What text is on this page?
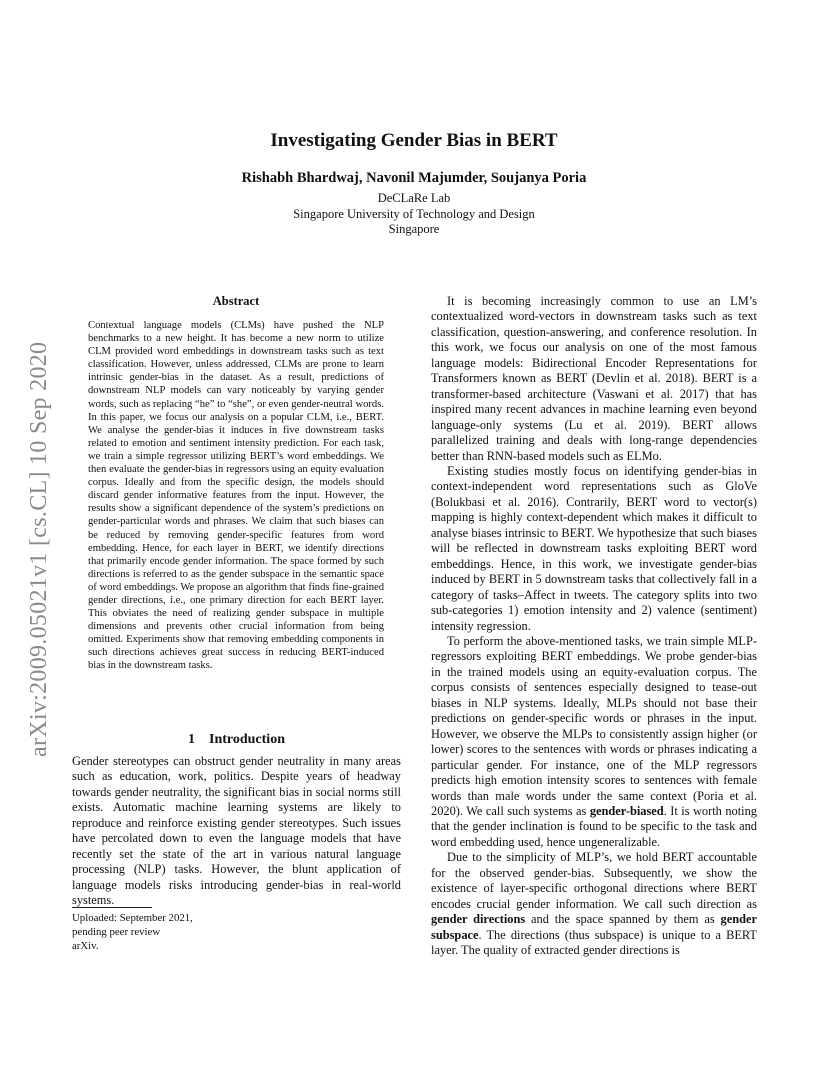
Investigating Gender Bias in BERT
Rishabh Bhardwaj, Navonil Majumder, Soujanya Poria
DeCLaRe Lab
Singapore University of Technology and Design
Singapore
arXiv:2009.05021v1 [cs.CL] 10 Sep 2020
Abstract
Contextual language models (CLMs) have pushed the NLP benchmarks to a new height. It has become a new norm to utilize CLM provided word embeddings in downstream tasks such as text classification. However, unless addressed, CLMs are prone to learn intrinsic gender-bias in the dataset. As a result, predictions of downstream NLP models can vary noticeably by varying gender words, such as replacing “he” to “she”, or even gender-neutral words. In this paper, we focus our analysis on a popular CLM, i.e., BERT. We analyse the gender-bias it induces in five downstream tasks related to emotion and sentiment intensity prediction. For each task, we train a simple regressor utilizing BERT’s word embeddings. We then evaluate the gender-bias in regressors using an equity evaluation corpus. Ideally and from the specific design, the models should discard gender informative features from the input. However, the results show a significant dependence of the system’s predictions on gender-particular words and phrases. We claim that such biases can be reduced by removing gender-specific features from word embedding. Hence, for each layer in BERT, we identify directions that primarily encode gender information. The space formed by such directions is referred to as the gender subspace in the semantic space of word embeddings. We propose an algorithm that finds fine-grained gender directions, i.e., one primary direction for each BERT layer. This obviates the need of realizing gender subspace in multiple dimensions and prevents other crucial information from being omitted. Experiments show that removing embedding components in such directions achieves great success in reducing BERT-induced bias in the downstream tasks.
1 Introduction

Gender stereotypes can obstruct gender neutrality in many areas such as education, work, politics. Despite years of headway towards gender neutrality, the significant bias in social norms still exists. Automatic machine learning systems are likely to reproduce and reinforce existing gender stereotypes. Such issues have percolated down to even the language models that have recently set the state of the art in various natural language processing (NLP) tasks. However, the blunt application of language models risks introducing gender-bias in real-world systems.

Uploaded: September 2021,
pending peer review
arXiv.

It is becoming increasingly common to use an LM’s contextualized word-vectors in downstream tasks such as text classification, question-answering, and conference resolution. In this work, we focus our analysis on one of the most famous language models: Bidirectional Encoder Representations for Transformers known as BERT (Devlin et al. 2018). BERT is a transformer-based architecture (Vaswani et al. 2017) that has inspired many recent advances in machine learning even beyond language-only systems (Lu et al. 2019). BERT allows parallelized training and deals with long-range dependencies better than RNN-based models such as ELMo.

Existing studies mostly focus on identifying gender-bias in context-independent word representations such as GloVe (Bolukbasi et al. 2016). Contrarily, BERT word to vector(s) mapping is highly context-dependent which makes it difficult to analyse biases intrinsic to BERT. We hypothesize that such biases will be reflected in downstream tasks exploiting BERT word embeddings. Hence, in this work, we investigate gender-bias induced by BERT in 5 downstream tasks that collectively fall in a category of tasks–Affect in tweets. The category splits into two sub-categories 1) emotion intensity and 2) valence (sentiment) intensity regression.

To perform the above-mentioned tasks, we train simple MLP-regressors exploiting BERT embeddings. We probe gender-bias in the trained models using an equity-evaluation corpus. The corpus consists of sentences especially designed to tease-out biases in NLP systems. Ideally, MLPs should not base their predictions on gender-specific words or phrases in the input. However, we observe the MLPs to consistently assign higher (or lower) scores to the sentences with words or phrases indicating a particular gender. For instance, one of the MLP regressors predicts high emotion intensity scores to sentences with female words than male words under the same context (Poria et al. 2020). We call such systems as gender-biased. It is worth noting that the gender inclination is found to be specific to the task and word embedding used, hence ungeneralizable.

Due to the simplicity of MLP’s, we hold BERT accountable for the observed gender-bias. Subsequently, we show the existence of layer-specific orthogonal directions where BERT encodes crucial gender information. We call such direction as gender directions and the space spanned by them as gender subspace. The directions (thus subspace) is unique to a BERT layer. The quality of extracted gender directions is
